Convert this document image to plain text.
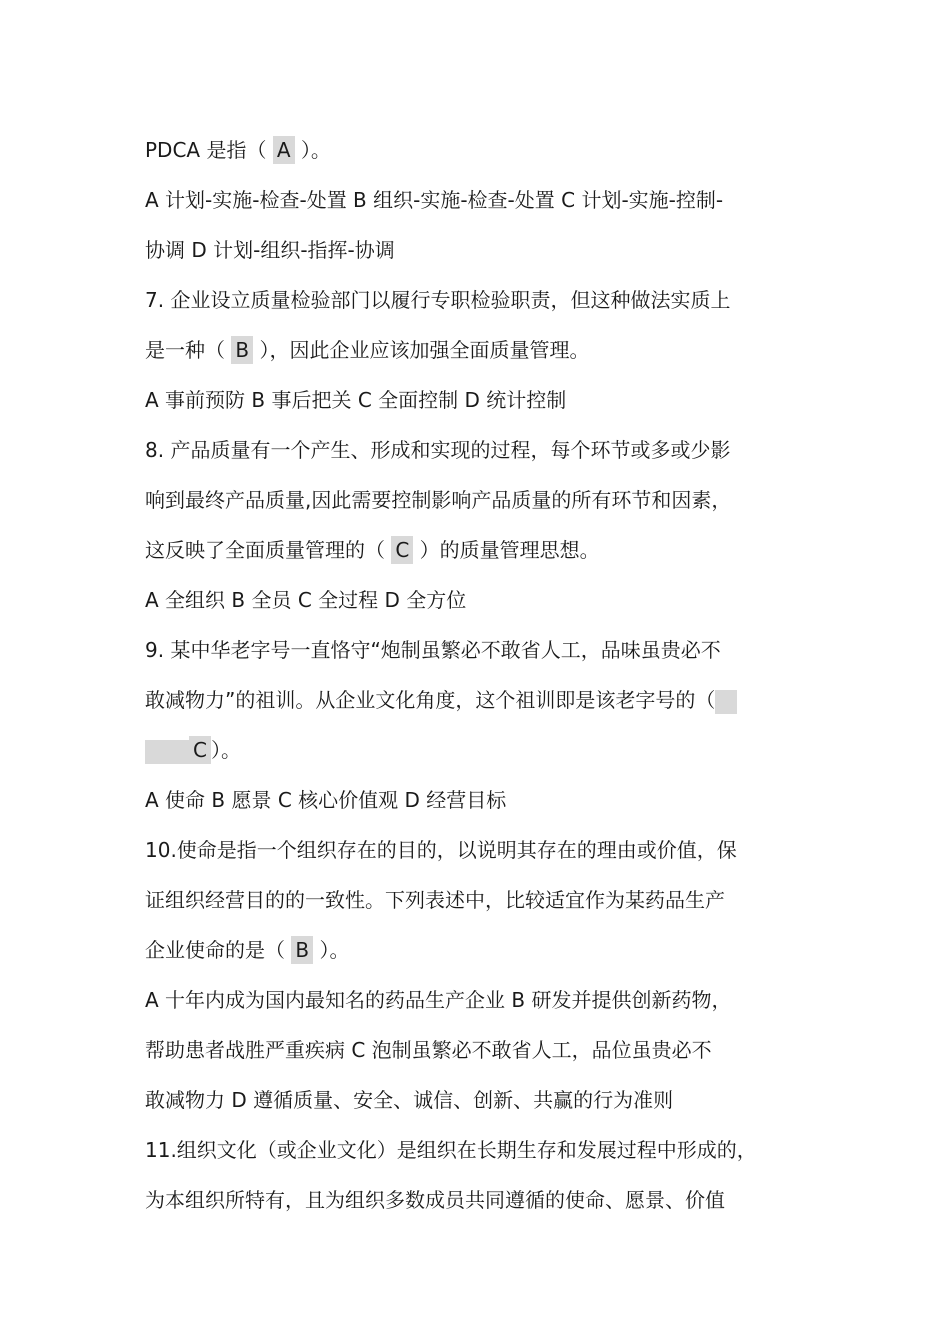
PDCA 是指（ A ）。
A 计划-实施-检查-处置 B 组织-实施-检查-处置 C 计划-实施-控制-
协调 D 计划-组织-指挥-协调
7. 企业设立质量检验部门以履行专职检验职责，但这种做法实质上
是一种（ B ），因此企业应该加强全面质量管理。
A 事前预防 B 事后把关 C 全面控制 D 统计控制
8. 产品质量有一个产生、形成和实现的过程，每个环节或多或少影
响到最终产品质量,因此需要控制影响产品质量的所有环节和因素，
这反映了全面质量管理的（ C ）的质量管理思想。
A 全组织 B 全员 C 全过程 D 全方位
9. 某中华老字号一直恪守“炮制虽繁必不敢省人工，品味虽贵必不
敢减物力”的祖训。从企业文化角度，这个祖训即是该老字号的（
C ）。
A 使命 B 愿景 C 核心价值观 D 经营目标
10.使命是指一个组织存在的目的，以说明其存在的理由或价值，保
证组织经营目的的一致性。下列表述中，比较适宜作为某药品生产
企业使命的是（ B ）。
A 十年内成为国内最知名的药品生产企业 B 研发并提供创新药物，
帮助患者战胜严重疾病 C 泡制虽繁必不敢省人工，品位虽贵必不
敢减物力 D 遵循质量、安全、诚信、创新、共赢的行为准则
11.组织文化（或企业文化）是组织在长期生存和发展过程中形成的，
为本组织所特有，且为组织多数成员共同遵循的使命、愿景、价值
